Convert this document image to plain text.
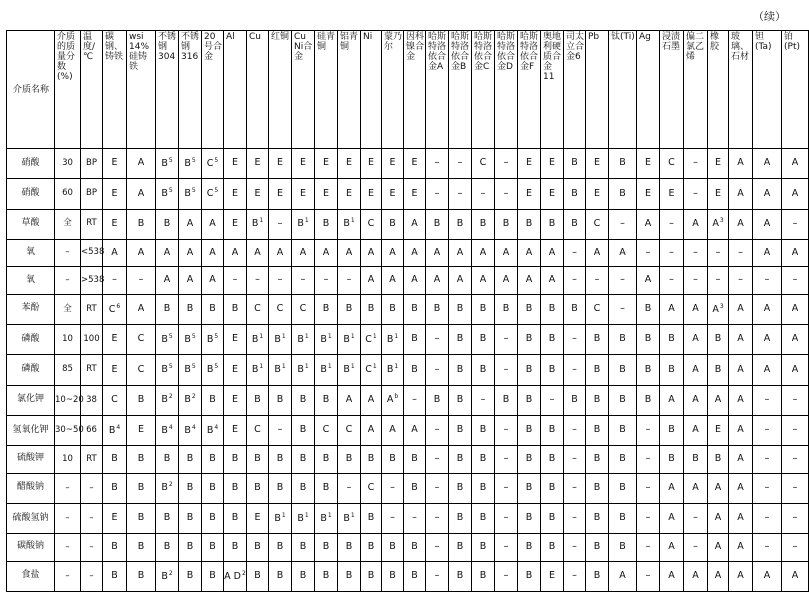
（续）
介质名称	介质的质量分数(%)	温度/℃	碳钢、铸铁	wsi 14% 硅铸铁	不锈钢304	不锈钢316	20号合金	Al	Cu	红铜	Cu Ni合金	硅青铜	铝青铜	Ni	蒙乃尔	因科镍合金	哈斯特洛依合金A	哈斯特洛依合金B	哈斯特洛依合金C	哈斯特洛依合金D	哈斯特洛依合金F	奥地利硬质合金11	司太立合金6	Pb	钛(Ti)	Ag	浸渍石墨	偏二氯乙烯	橡胶	玻璃、石材	钽(Ta)	铂(Pt)
硝酸	30	BP	E	A	$B^5$	$B^5$	$C^5$	E	E	E	E	E	E	E	E	E	–	–	C	–	E	E	B	E	B	E	C	–	E	A	A	A
硝酸	60	BP	E	A	$B^5$	$B^5$	$C^5$	E	E	E	E	E	E	E	E	E	–	–	–	–	E	E	B	E	B	E	E	–	E	A	A	A
草酸	全	RT	E	B	B	A	A	E	$B^1$	–	$B^1$	B	$B^1$	C	B	A	B	B	B	B	B	B	B	C	–	A	–	A	$A^3$	A	A	–
氧	–	<538	A	A	A	A	A	A	A	A	A	A	A	A	A	A	A	A	A	A	A	A	–	A	A	–	–	–	–	–	A	A
氧	–	>538	–	–	A	A	A	–	–	–	–	–	–	A	A	A	A	A	A	A	A	A	–	–	–	A	–	–	–	–	–	–
苯酚	全	RT	$C^6$	A	B	B	B	B	C	C	C	B	B	B	B	B	B	B	B	B	B	B	B	C	–	B	A	A	$A^3$	A	A	A
磷酸	10	100	E	C	$B^5$	$B^5$	$B^5$	E	$B^1$	$B^1$	$B^1$	$B^1$	$B^1$	$C^1$	$B^1$	B	–	B	B	–	B	B	–	B	B	B	B	A	B	A	A	A
磷酸	85	RT	E	C	$B^5$	$B^5$	$B^5$	E	$B^1$	$B^1$	$B^1$	$B^1$	$B^1$	$C^1$	$B^1$	B	–	B	B	–	B	B	–	B	B	B	B	A	B	A	A	A
氯化钾	10~20	38	C	B	$B^2$	$B^2$	B	E	B	B	B	B	A	A	$A^b$	–	B	B	–	B	B	–	B	B	B	B	A	A	A	A	–	–
氢氧化钾	30~50	66	$B^4$	E	$B^4$	$B^4$	$B^4$	E	C	–	B	C	C	A	A	A	–	B	B	–	B	B	–	B	B	–	B	A	E	A	–	–
硫酸钾	10	RT	B	B	B	B	B	B	B	B	B	B	B	B	B	B	–	B	B	–	B	B	–	B	B	–	B	B	B	A	–	–
醋酸钠	–	–	B	B	$B^2$	B	B	B	B	B	B	B	–	C	–	B	–	B	B	–	B	B	–	B	B	–	A	A	A	A	–	–
硫酸氢钠	–	–	E	B	B	B	B	B	E	$B^1$	$B^1$	$B^1$	$B^1$	B	–	–	–	B	B	–	B	B	–	B	B	–	A	–	A	A	–	–
碳酸钠	–	–	B	B	B	B	B	B	B	B	B	B	B	B	B	B	–	B	B	–	B	B	–	B	B	–	A	–	A	A	–	–
食盐	–	–	B	B	$B^2$	B	B	A $D^2$	B	B	B	B	B	B	B	B	–	B	B	–	B	E	–	B	A	–	A	A	A	A	A	A
